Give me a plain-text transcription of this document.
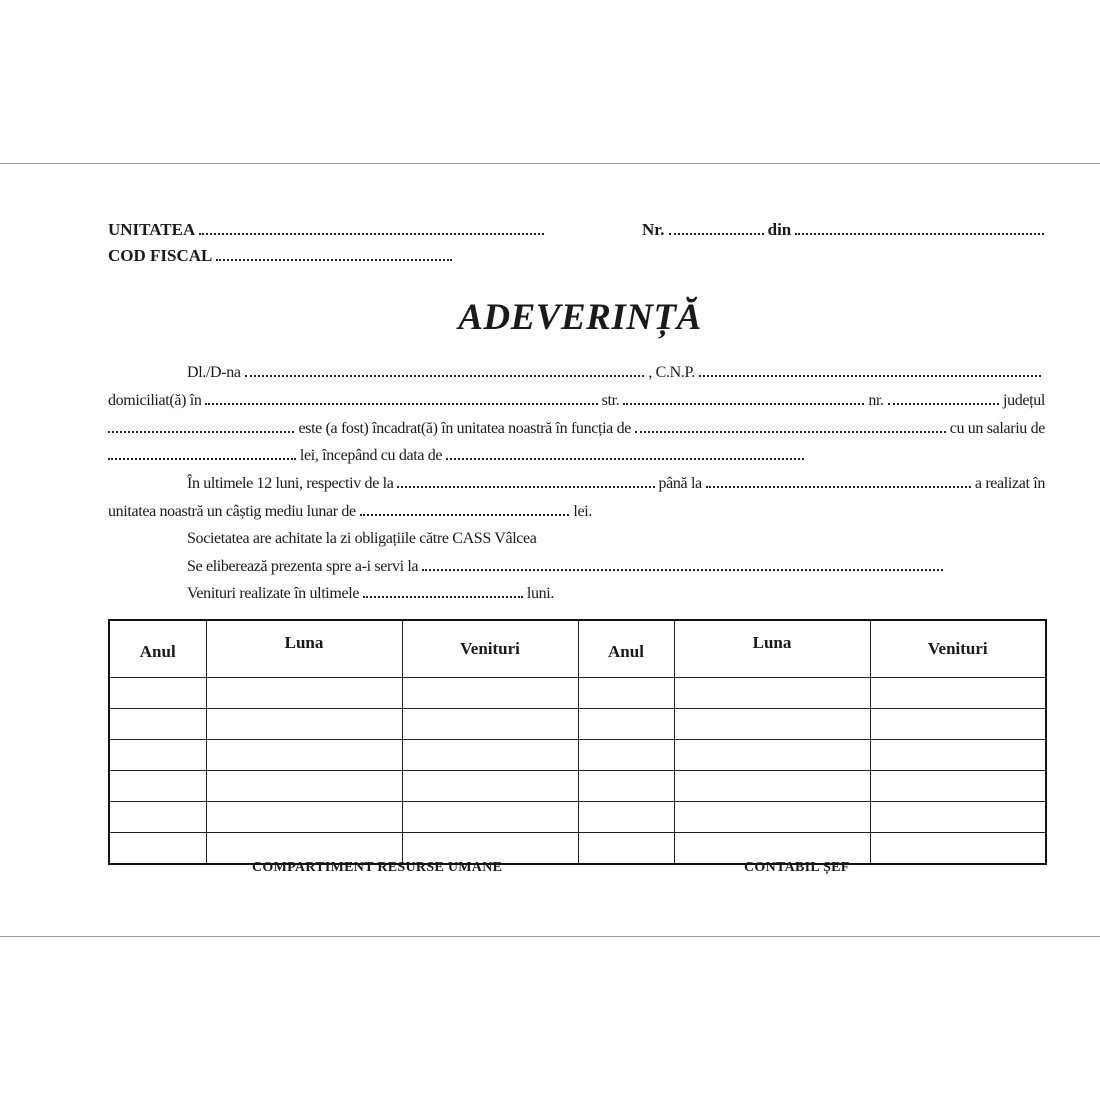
UNITATEA	Nr.	din
COD FISCAL
ADEVERINȚĂ
Dl./D-na	, C.N.P.
domiciliat(ă) în	str.	nr.	județul
este (a fost) încadrat(ă) în unitatea noastră în funcția de	cu un salariu de
lei, începând cu data de
În ultimele 12 luni, respectiv de la	până la	a realizat în
unitatea noastră un câștig mediu lunar de	lei.
Societatea are achitate la zi obligațiile către CASS Vâlcea
Se eliberează prezenta spre a-i servi la
Venituri realizate în ultimele	luni.
Anul	Luna	Venituri	Anul	Luna	Venituri

COMPARTIMENT RESURSE UMANE	CONTABIL ȘEF
